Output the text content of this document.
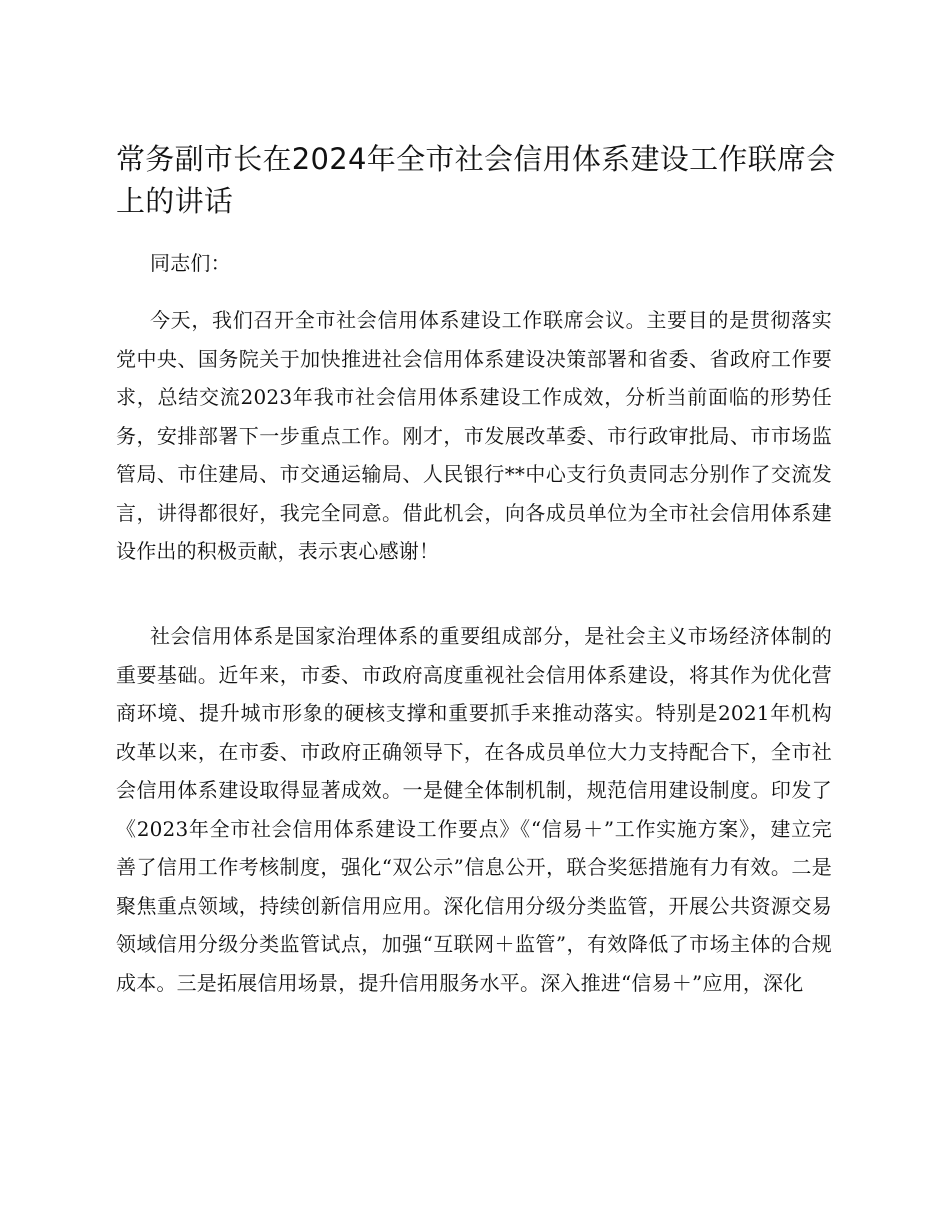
常务副市长在2024年全市社会信用体系建设工作联席会上的讲话

同志们：

今天，我们召开全市社会信用体系建设工作联席会议。主要目的是贯彻落实党中央、国务院关于加快推进社会信用体系建设决策部署和省委、省政府工作要求，总结交流2023年我市社会信用体系建设工作成效，分析当前面临的形势任务，安排部署下一步重点工作。刚才，市发展改革委、市行政审批局、市市场监管局、市住建局、市交通运输局、人民银行**中心支行负责同志分别作了交流发言，讲得都很好，我完全同意。借此机会，向各成员单位为全市社会信用体系建设作出的积极贡献，表示衷心感谢！

社会信用体系是国家治理体系的重要组成部分，是社会主义市场经济体制的重要基础。近年来，市委、市政府高度重视社会信用体系建设，将其作为优化营商环境、提升城市形象的硬核支撑和重要抓手来推动落实。特别是2021年机构改革以来，在市委、市政府正确领导下，在各成员单位大力支持配合下，全市社会信用体系建设取得显著成效。一是健全体制机制，规范信用建设制度。印发了《2023年全市社会信用体系建设工作要点》《“信易＋”工作实施方案》，建立完善了信用工作考核制度，强化“双公示”信息公开，联合奖惩措施有力有效。二是聚焦重点领域，持续创新信用应用。深化信用分级分类监管，开展公共资源交易领域信用分级分类监管试点，加强“互联网＋监管”，有效降低了市场主体的合规成本。三是拓展信用场景，提升信用服务水平。深入推进“信易＋”应用，深化
